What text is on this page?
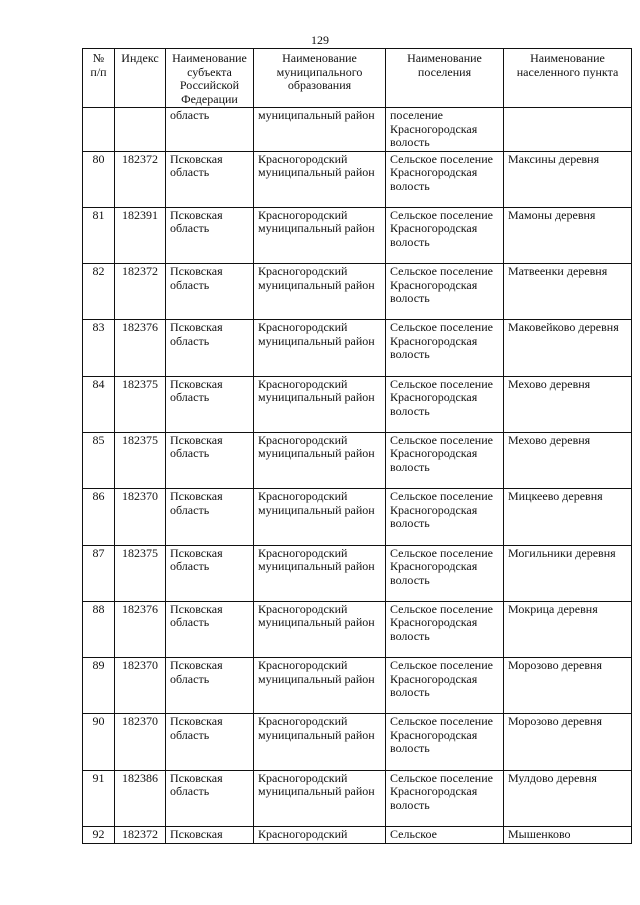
129
№ п/п	Индекс	Наименование субъекта Российской Федерации	Наименование муниципального образования	Наименование поселения	Наименование населенного пункта
		область	муниципальный район	поселение Красногородская волость	
80	182372	Псковская область	Красногородский муниципальный район	Сельское поселение Красногородская волость	Максины деревня
81	182391	Псковская область	Красногородский муниципальный район	Сельское поселение Красногородская волость	Мамоны деревня
82	182372	Псковская область	Красногородский муниципальный район	Сельское поселение Красногородская волость	Матвеенки деревня
83	182376	Псковская область	Красногородский муниципальный район	Сельское поселение Красногородская волость	Маковейково деревня
84	182375	Псковская область	Красногородский муниципальный район	Сельское поселение Красногородская волость	Мехово деревня
85	182375	Псковская область	Красногородский муниципальный район	Сельское поселение Красногородская волость	Мехово деревня
86	182370	Псковская область	Красногородский муниципальный район	Сельское поселение Красногородская волость	Мицкеево деревня
87	182375	Псковская область	Красногородский муниципальный район	Сельское поселение Красногородская волость	Могильники деревня
88	182376	Псковская область	Красногородский муниципальный район	Сельское поселение Красногородская волость	Мокрица деревня
89	182370	Псковская область	Красногородский муниципальный район	Сельское поселение Красногородская волость	Морозово деревня
90	182370	Псковская область	Красногородский муниципальный район	Сельское поселение Красногородская волость	Морозово деревня
91	182386	Псковская область	Красногородский муниципальный район	Сельское поселение Красногородская волость	Мулдово деревня
92	182372	Псковская	Красногородский	Сельское	Мышенково
